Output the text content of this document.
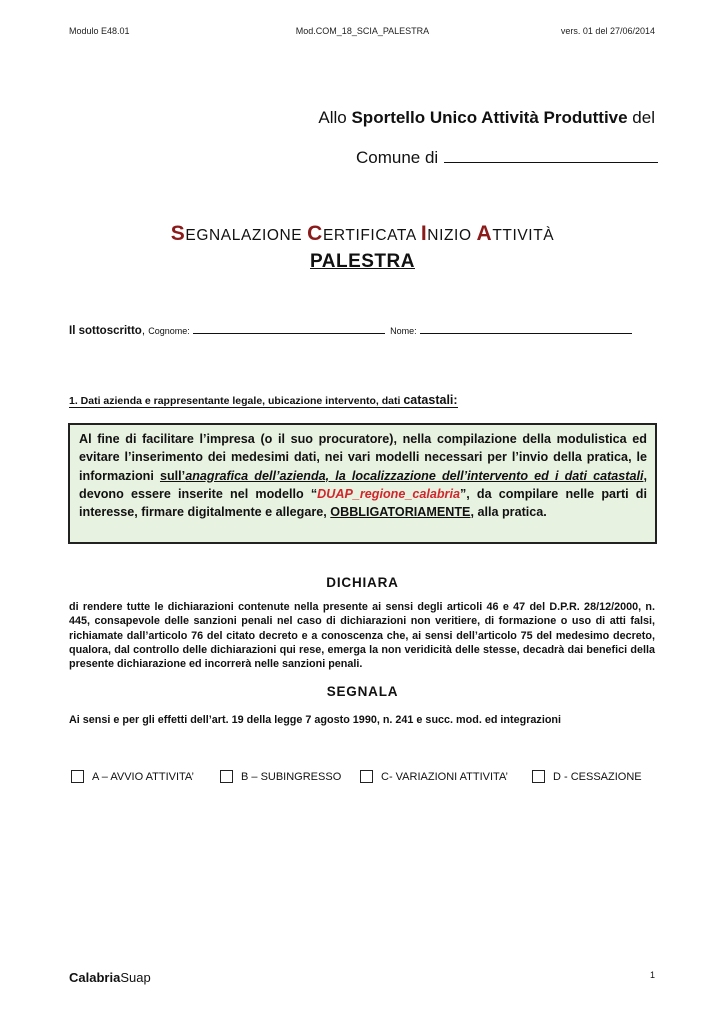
Modulo E48.01	Mod.COM_18_SCIA_PALESTRA	vers. 01 del 27/06/2014
Allo Sportello Unico Attività Produttive del
Comune di
SEGNALAZIONE CERTIFICATA INIZIO ATTIVITÀ
PALESTRA
Il sottoscritto, Cognome:	Nome:
1. Dati azienda e rappresentante legale, ubicazione intervento, dati catastali:
Al fine di facilitare l’impresa (o il suo procuratore), nella compilazione della modulistica ed evitare l’inserimento dei medesimi dati, nei vari modelli necessari per l’invio della pratica, le informazioni sull’anagrafica dell’azienda, la localizzazione dell’intervento ed i dati catastali, devono essere inserite nel modello “DUAP_regione_calabria”, da compilare nelle parti di interesse, firmare digitalmente e allegare, OBBLIGATORIAMENTE, alla pratica.
DICHIARA
di rendere tutte le dichiarazioni contenute nella presente ai sensi degli articoli 46 e 47 del D.P.R. 28/12/2000, n. 445, consapevole delle sanzioni penali nel caso di dichiarazioni non veritiere, di formazione o uso di atti falsi, richiamate dall’articolo 76 del citato decreto e a conoscenza che, ai sensi dell’articolo 75 del medesimo decreto, qualora, dal controllo delle dichiarazioni qui rese, emerga la non veridicità delle stesse, decadrà dai benefici della presente dichiarazione ed incorrerà nelle sanzioni penali.
SEGNALA
Ai sensi e per gli effetti dell’art. 19 della legge 7 agosto 1990, n. 241 e succ. mod. ed integrazioni
A – AVVIO ATTIVITA’	B – SUBINGRESSO	C- VARIAZIONI ATTIVITA’	D - CESSAZIONE
CalabriaSuap	1
